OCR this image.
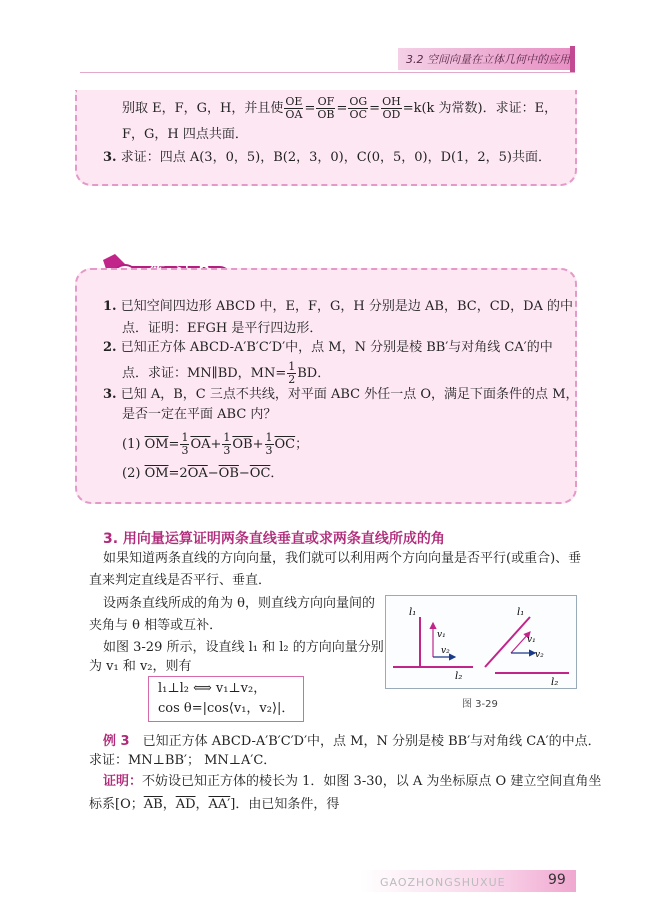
3.2 空间向量在立体几何中的应用
别取 E，F，G，H，并且使 $\frac{OE}{OA} = \frac{OF}{OB} = \frac{OG}{OC} = \frac{OH}{OD} =k(k$ 为常数)．求证：E，
F，G，H 四点共面．
3. 求证：四点 A(3，0，5)，B(2，3，0)，C(0，5，0)，D(1，2，5)共面．
1. 已知空间四边形 ABCD 中，E，F，G，H 分别是边 AB，BC，CD，DA 的中
点．证明：EFGH 是平行四边形．
2. 已知正方体 ABCD-A′B′C′D′中，点 M，N 分别是棱 BB′与对角线 CA′的中
点．求证：MN∥BD，$MN= \frac{1}{2}$ BD．
3. 已知 A，B，C 三点不共线，对平面 ABC 外任一点 O，满足下面条件的点 M，
是否一定在平面 ABC 内？
(1) $\overline{OM}= \frac{1}{3} \overline{OA}+ \frac{1}{3} \overline{OB}+ \frac{1}{3} \overline{OC}$；
(2) $\overline{OM}=2\overline{OA}-\overline{OB}-\overline{OC}$．
3. 用向量运算证明两条直线垂直或求两条直线所成的角
如果知道两条直线的方向向量，我们就可以利用两个方向向量是否平行(或重合)、垂
直来判定直线是否平行、垂直．
设两条直线所成的角为 θ，则直线方向向量间的
夹角与 θ 相等或互补．
如图 3-29 所示，设直线 l₁ 和 l₂ 的方向向量分别
为 v₁ 和 v₂，则有
l₁⊥l₂ ⟺ v₁⊥v₂，
cos θ=|cos⟨v₁，v₂⟩|．
l₁
v₁
v₂
l₂
l₁
v₁
v₂
l₂
图 3-29
例 3　 已知正方体 ABCD-A′B′C′D′中，点 M，N 分别是棱 BB′与对角线 CA′的中点．
求证：MN⊥BB′； MN⊥A′C．
证明：不妨设已知正方体的棱长为 1．如图 3-30，以 A 为坐标原点 O 建立空间直角坐
标系[O；$\overline{AB}$，$\overline{AD}$，AA′]．由已知条件，得
GAOZHONGSHUXUE	99
